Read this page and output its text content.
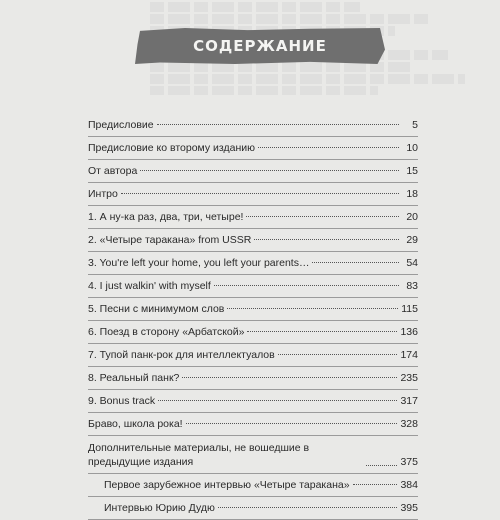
СОДЕРЖАНИЕ
Предисловие	5
Предисловие ко второму изданию	10
От автора	15
Интро	18
1. А ну-ка раз, два, три, четыре!	20
2. «Четыре таракана» from USSR	29
3. You're left your home, you left your parents…	54
4. I just walkin' with myself	83
5. Песни с минимумом слов	115
6. Поезд в сторону «Арбатской»	136
7. Тупой панк-рок для интеллектуалов	174
8. Реальный панк?	235
9. Bonus track	317
Браво, школа рока!	328
Дополнительные материалы, не вошедшие в предыдущие издания	375
Первое зарубежное интервью «Четыре таракана»	384
Интервью Юрию Дудю	395
